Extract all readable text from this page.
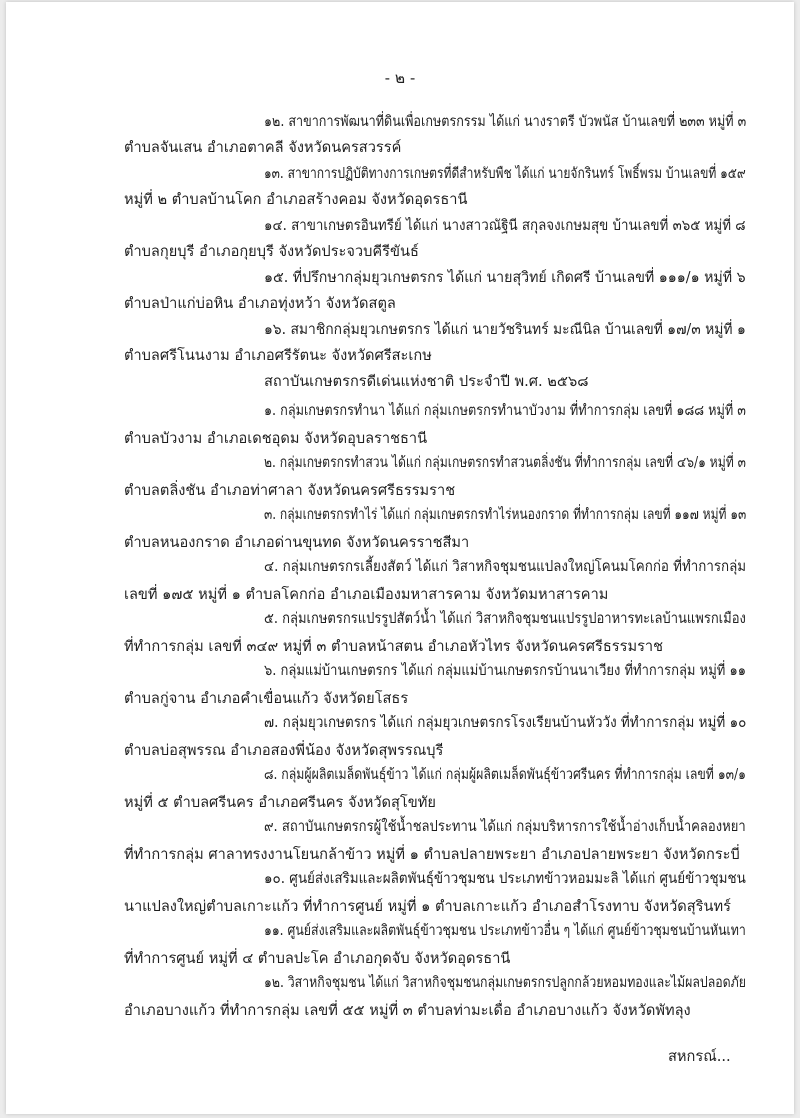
- ๒ -
๑๒. สาขาการพัฒนาที่ดินเพื่อเกษตรกรรม ได้แก่ นางราตรี บัวพนัส บ้านเลขที่ ๒๓๓ หมู่ที่ ๓
ตำบลจันเสน อำเภอตาคลี จังหวัดนครสวรรค์
๑๓. สาขาการปฏิบัติทางการเกษตรที่ดีสำหรับพืช ได้แก่ นายจักรินทร์ โพธิ์พรม บ้านเลขที่ ๑๕๙
หมู่ที่ ๒ ตำบลบ้านโคก อำเภอสร้างคอม จังหวัดอุดรธานี
๑๔. สาขาเกษตรอินทรีย์ ได้แก่ นางสาวณัฐินี สกุลจงเกษมสุข บ้านเลขที่ ๓๖๕ หมู่ที่ ๘
ตำบลกุยบุรี อำเภอกุยบุรี จังหวัดประจวบคีรีขันธ์
๑๕. ที่ปรึกษากลุ่มยุวเกษตรกร ได้แก่ นายสุวิทย์ เกิดศรี บ้านเลขที่ ๑๑๑/๑ หมู่ที่ ๖
ตำบลป่าแก่บ่อหิน อำเภอทุ่งหว้า จังหวัดสตูล
๑๖. สมาชิกกลุ่มยุวเกษตรกร ได้แก่ นายวัชรินทร์ มะณีนิล บ้านเลขที่ ๑๗/๓ หมู่ที่ ๑
ตำบลศรีโนนงาม อำเภอศรีรัตนะ จังหวัดศรีสะเกษ
สถาบันเกษตรกรดีเด่นแห่งชาติ ประจำปี พ.ศ. ๒๕๖๘
๑. กลุ่มเกษตรกรทำนา ได้แก่ กลุ่มเกษตรกรทำนาบัวงาม ที่ทำการกลุ่ม เลขที่ ๑๘๘ หมู่ที่ ๓
ตำบลบัวงาม อำเภอเดชอุดม จังหวัดอุบลราชธานี
๒. กลุ่มเกษตรกรทำสวน ได้แก่ กลุ่มเกษตรกรทำสวนตลิ่งชัน ที่ทำการกลุ่ม เลขที่ ๔๖/๑ หมู่ที่ ๓
ตำบลตลิ่งชัน อำเภอท่าศาลา จังหวัดนครศรีธรรมราช
๓. กลุ่มเกษตรกรทำไร่ ได้แก่ กลุ่มเกษตรกรทำไร่หนองกราด ที่ทำการกลุ่ม เลขที่ ๑๑๗ หมู่ที่ ๑๓
ตำบลหนองกราด อำเภอด่านขุนทด จังหวัดนครราชสีมา
๔. กลุ่มเกษตรกรเลี้ยงสัตว์ ได้แก่ วิสาหกิจชุมชนแปลงใหญ่โคนมโคกก่อ ที่ทำการกลุ่ม
เลขที่ ๑๗๕ หมู่ที่ ๑ ตำบลโคกก่อ อำเภอเมืองมหาสารคาม จังหวัดมหาสารคาม
๕. กลุ่มเกษตรกรแปรรูปสัตว์น้ำ ได้แก่ วิสาหกิจชุมชนแปรรูปอาหารทะเลบ้านแพรกเมือง
ที่ทำการกลุ่ม เลขที่ ๓๔๙ หมู่ที่ ๓ ตำบลหน้าสตน อำเภอหัวไทร จังหวัดนครศรีธรรมราช
๖. กลุ่มแม่บ้านเกษตรกร ได้แก่ กลุ่มแม่บ้านเกษตรกรบ้านนาเวียง ที่ทำการกลุ่ม หมู่ที่ ๑๑
ตำบลกู่จาน อำเภอคำเขื่อนแก้ว จังหวัดยโสธร
๗. กลุ่มยุวเกษตรกร ได้แก่ กลุ่มยุวเกษตรกรโรงเรียนบ้านหัววัง ที่ทำการกลุ่ม หมู่ที่ ๑๐
ตำบลบ่อสุพรรณ อำเภอสองพี่น้อง จังหวัดสุพรรณบุรี
๘. กลุ่มผู้ผลิตเมล็ดพันธุ์ข้าว ได้แก่ กลุ่มผู้ผลิตเมล็ดพันธุ์ข้าวศรีนคร ที่ทำการกลุ่ม เลขที่ ๑๓/๑
หมู่ที่ ๕ ตำบลศรีนคร อำเภอศรีนคร จังหวัดสุโขทัย
๙. สถาบันเกษตรกรผู้ใช้น้ำชลประทาน ได้แก่ กลุ่มบริหารการใช้น้ำอ่างเก็บน้ำคลองหยา
ที่ทำการกลุ่ม ศาลาทรงงานโยนกล้าข้าว หมู่ที่ ๑ ตำบลปลายพระยา อำเภอปลายพระยา จังหวัดกระบี่
๑๐. ศูนย์ส่งเสริมและผลิตพันธุ์ข้าวชุมชน ประเภทข้าวหอมมะลิ ได้แก่ ศูนย์ข้าวชุมชน
นาแปลงใหญ่ตำบลเกาะแก้ว ที่ทำการศูนย์ หมู่ที่ ๑ ตำบลเกาะแก้ว อำเภอสำโรงทาบ จังหวัดสุรินทร์
๑๑. ศูนย์ส่งเสริมและผลิตพันธุ์ข้าวชุมชน ประเภทข้าวอื่น ๆ ได้แก่ ศูนย์ข้าวชุมชนบ้านหันเทา
ที่ทำการศูนย์ หมู่ที่ ๔ ตำบลปะโค อำเภอกุดจับ จังหวัดอุดรธานี
๑๒. วิสาหกิจชุมชน ได้แก่ วิสาหกิจชุมชนกลุ่มเกษตรกรปลูกกล้วยหอมทองและไม้ผลปลอดภัย
อำเภอบางแก้ว ที่ทำการกลุ่ม เลขที่ ๕๕ หมู่ที่ ๓ ตำบลท่ามะเดื่อ อำเภอบางแก้ว จังหวัดพัทลุง
สหกรณ์...
